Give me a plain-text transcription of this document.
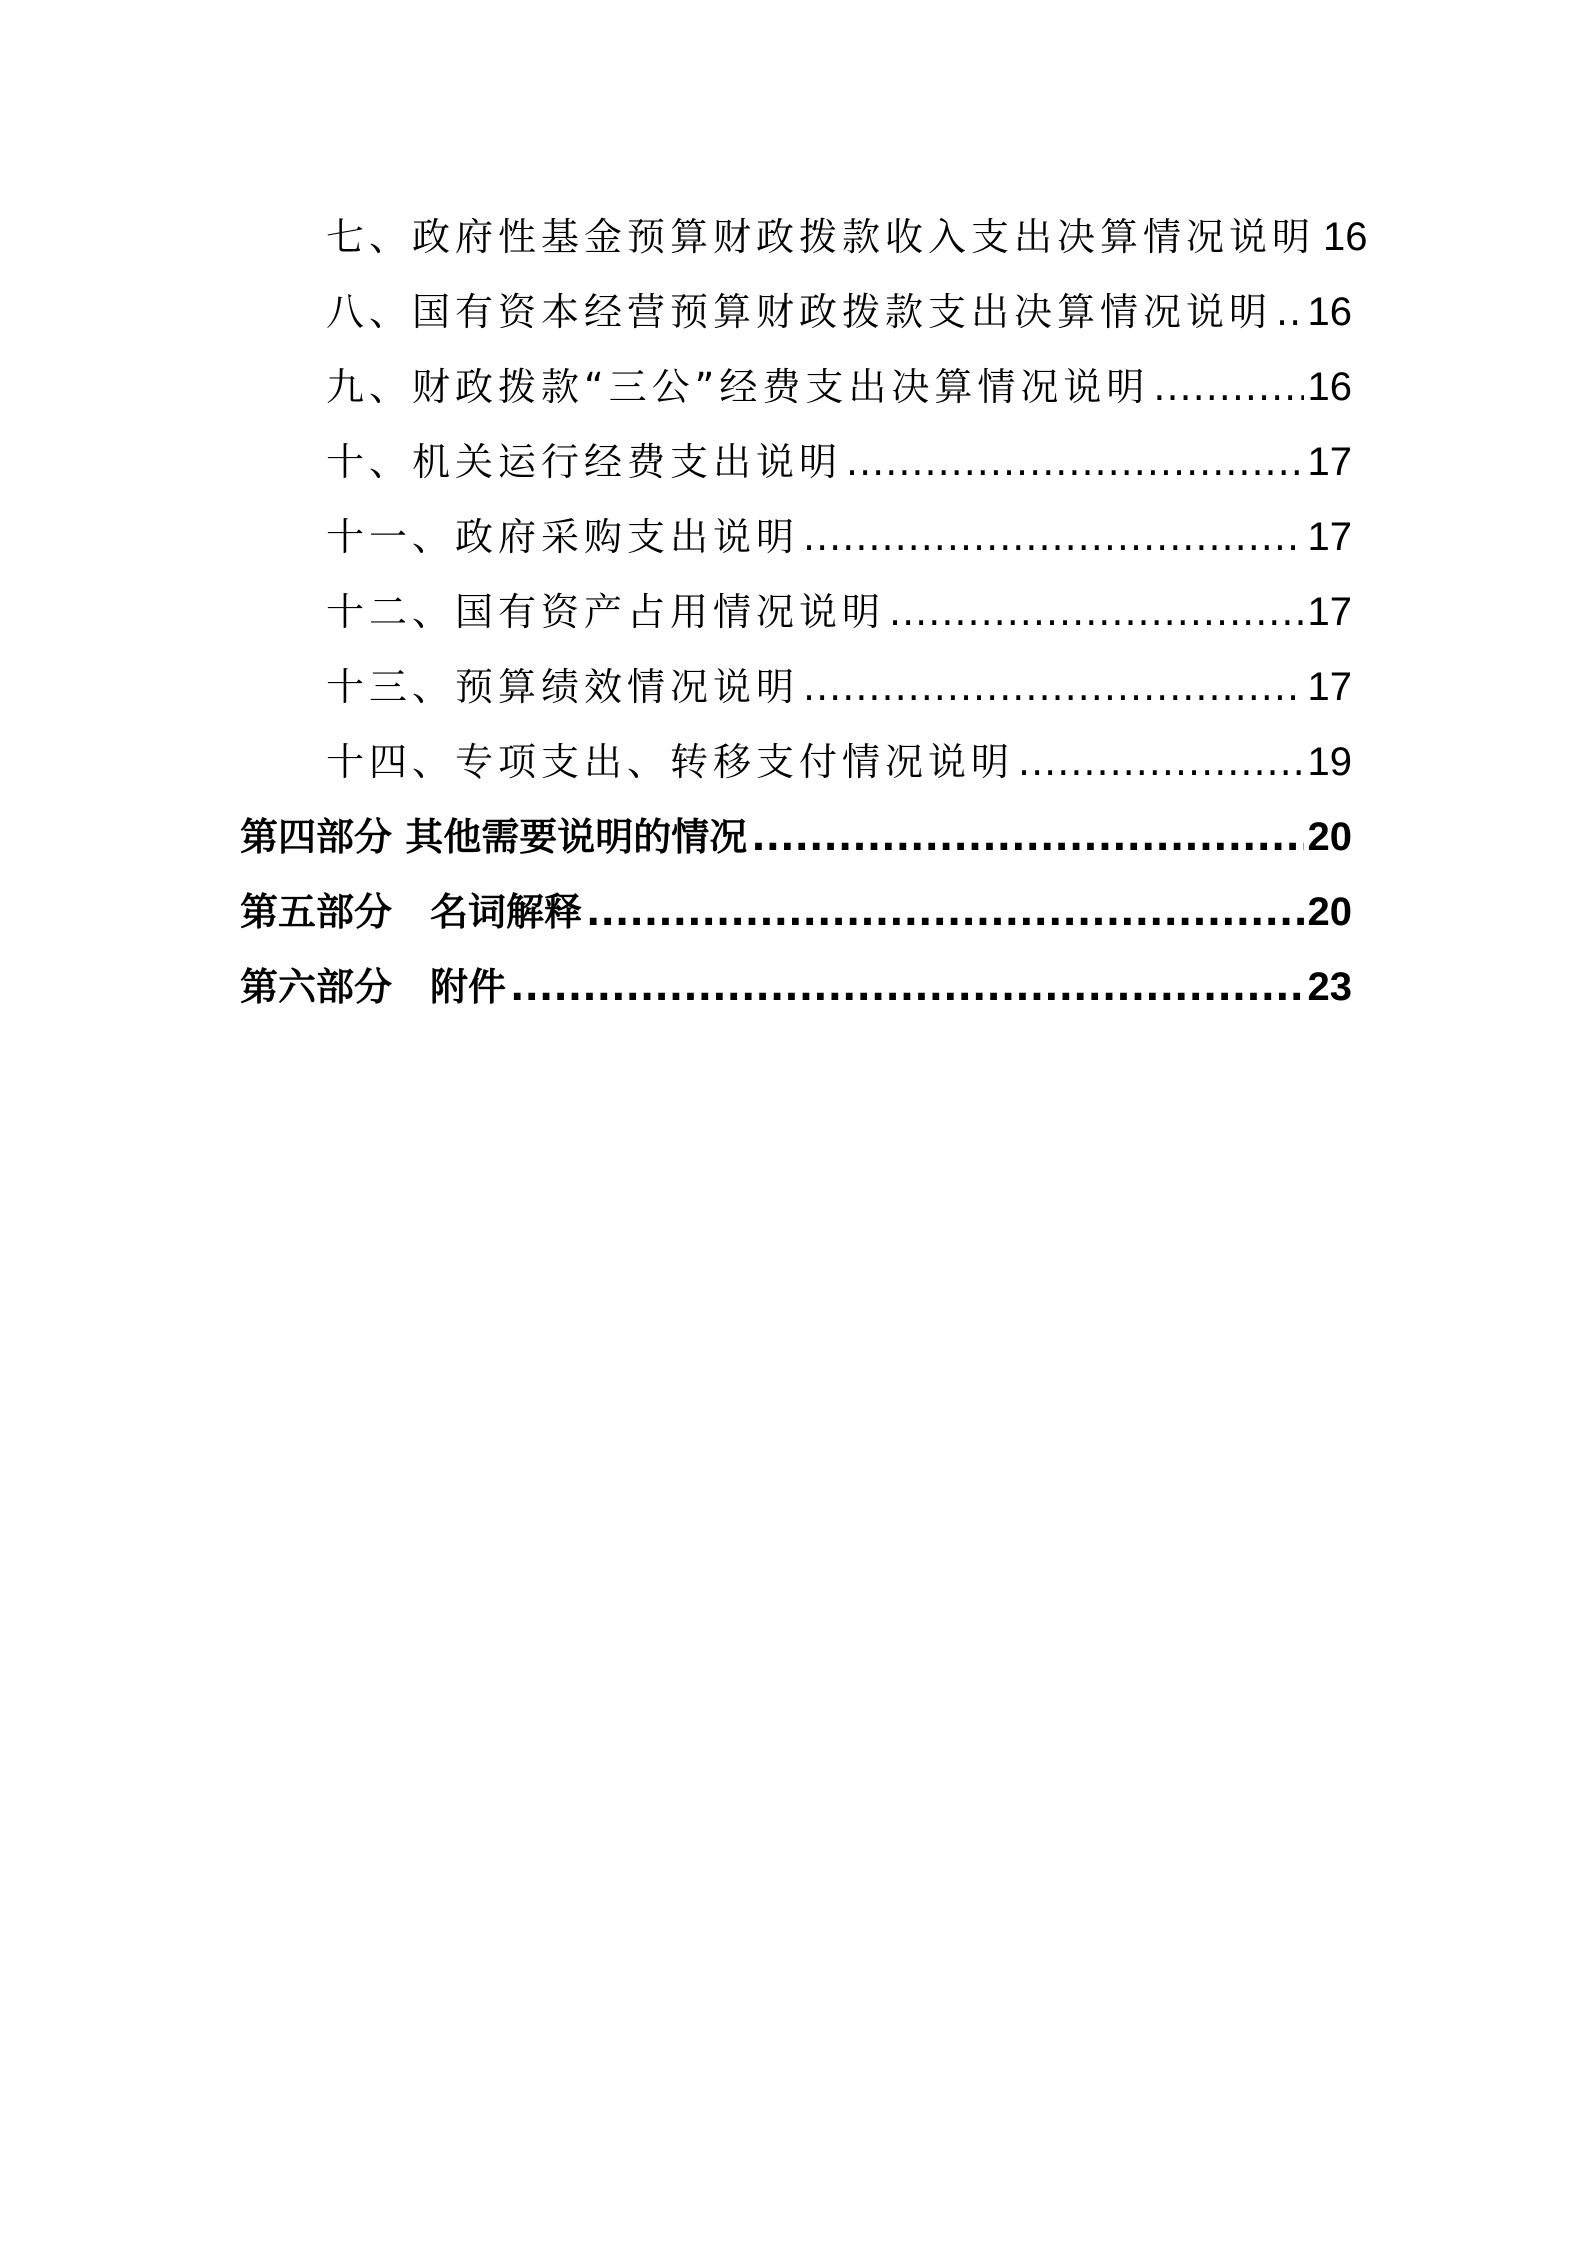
七、政府性基金预算财政拨款收入支出决算情况说明 16
八、国有资本经营预算财政拨款支出决算情况说明 ..... 16
九、财政拨款“三公”经费支出决算情况说明 .....	16
十、机关运行经费支出说明 .....	17
十一、政府采购支出说明 .....	17
十二、国有资产占用情况说明 .....	17
十三、预算绩效情况说明 .....	17
十四、专项支出、转移支付情况说明 .....	19
第四部分 其他需要说明的情况 .....	20
第五部分　名词解释 .....	20
第六部分　附件 .....	23
